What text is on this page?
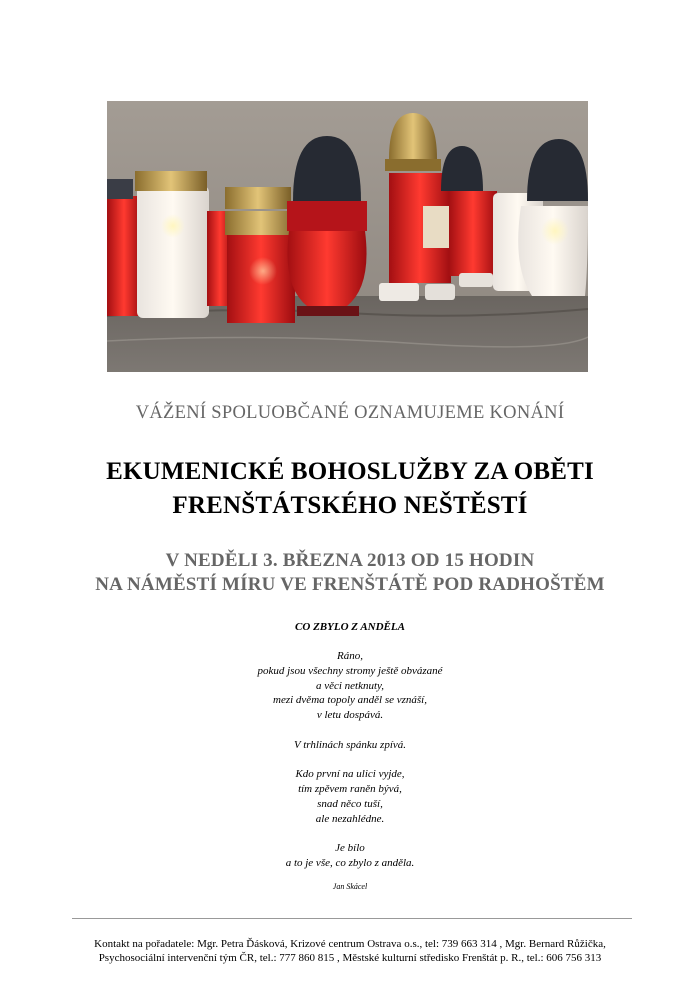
VÁŽENÍ SPOLUOBČANÉ OZNAMUJEME KONÁNÍ
EKUMENICKÉ BOHOSLUŽBY ZA OBĚTI
FRENŠTÁTSKÉHO NEŠTĚSTÍ
V NEDĚLI 3. BŘEZNA 2013 OD 15 HODIN
NA NÁMĚSTÍ MÍRU VE FRENŠTÁTĚ POD RADHOŠTĚM
CO ZBYLO Z ANDĚLA
Ráno,
pokud jsou všechny stromy ještě obvázané
a věci netknuty,
mezi dvěma topoly anděl se vznáší,
v letu dospává.
V trhlinách spánku zpívá.
Kdo první na ulici vyjde,
tím zpěvem raněn bývá,
snad něco tuší,
ale nezahlédne.
Je bílo
a to je vše, co zbylo z anděla.
Jan Skácel
Kontakt na pořadatele: Mgr. Petra Ďásková, Krizové centrum Ostrava o.s., tel: 739 663 314 , Mgr. Bernard Růžička,
Psychosociální intervenční tým ČR, tel.: 777 860 815 , Městské kulturní středisko Frenštát p. R., tel.: 606 756 313
